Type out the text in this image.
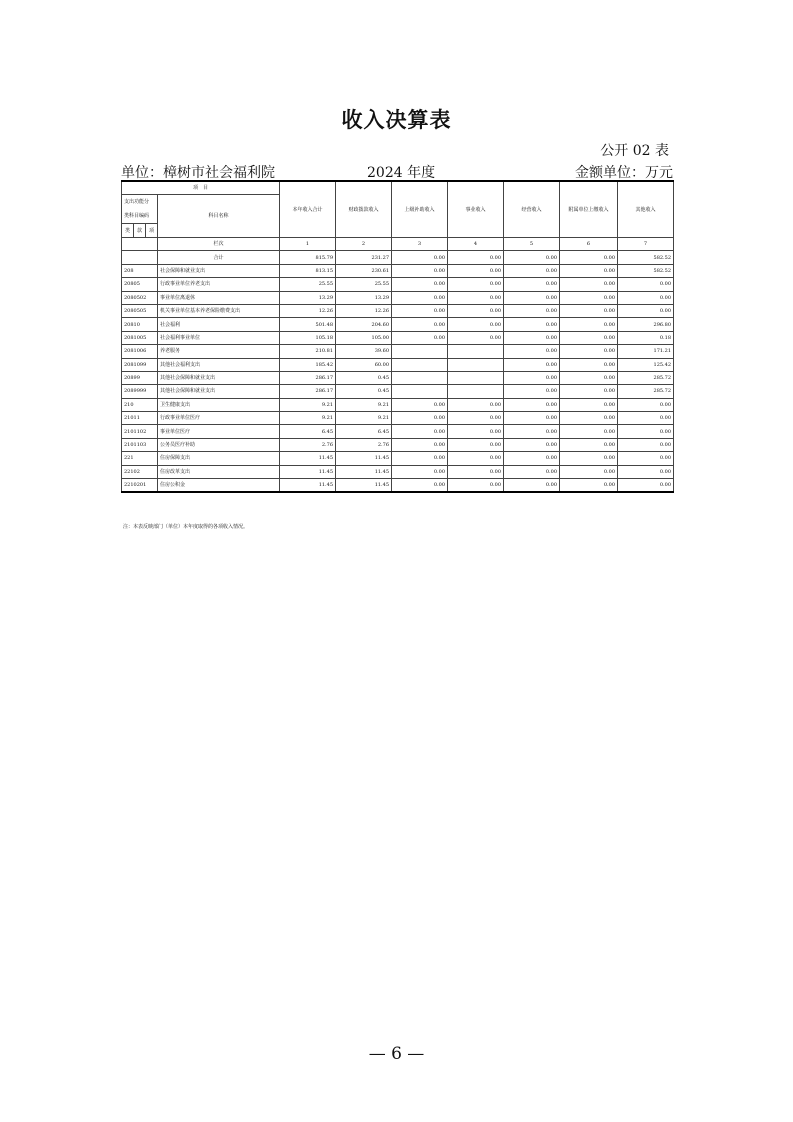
收入决算表
公开 02 表
单位：樟树市社会福利院	2024 年度	金额单位：万元
项　目				本年收入合计	财政拨款收入	上级补助收入	事业收入	经营收入	附属单位上缴收入	其他收入

支出功能分
类科目编码			科目名称							
类	款	项								
			栏次	1	2	3	4	5	6	7
			合计	815.79	231.27	0.00	0.00	0.00	0.00	582.52
208			社会保障和就业支出	813.15	230.61	0.00	0.00	0.00	0.00	582.52
20805			行政事业单位养老支出	25.55	25.55	0.00	0.00	0.00	0.00	0.00
2080502			事业单位离退休	13.29	13.29	0.00	0.00	0.00	0.00	0.00
2080505			机关事业单位基本养老保险缴费支出	12.26	12.26	0.00	0.00	0.00	0.00	0.00
20810			社会福利	501.48	204.60	0.00	0.00	0.00	0.00	296.80
2081005			社会福利事业单位	105.18	105.00	0.00	0.00	0.00	0.00	0.18
2081006			养老服务	210.81	39.60			0.00	0.00	171.21
2081099			其他社会福利支出	185.42	60.00			0.00	0.00	125.42
20899			其他社会保障和就业支出	286.17	0.45			0.00	0.00	285.72
2089999			其他社会保障和就业支出	286.17	0.45			0.00	0.00	285.72
210			卫生健康支出	9.21	9.21	0.00	0.00	0.00	0.00	0.00
21011			行政事业单位医疗	9.21	9.21	0.00	0.00	0.00	0.00	0.00
2101102			事业单位医疗	6.45	6.45	0.00	0.00	0.00	0.00	0.00
2101103			公务员医疗补助	2.76	2.76	0.00	0.00	0.00	0.00	0.00
221			住房保障支出	11.45	11.45	0.00	0.00	0.00	0.00	0.00
22102			住房改革支出	11.45	11.45	0.00	0.00	0.00	0.00	0.00
2210201			住房公积金	11.45	11.45	0.00	0.00	0.00	0.00	0.00
注：本表反映部门（单位）本年度取得的各项收入情况。
— 6 —
